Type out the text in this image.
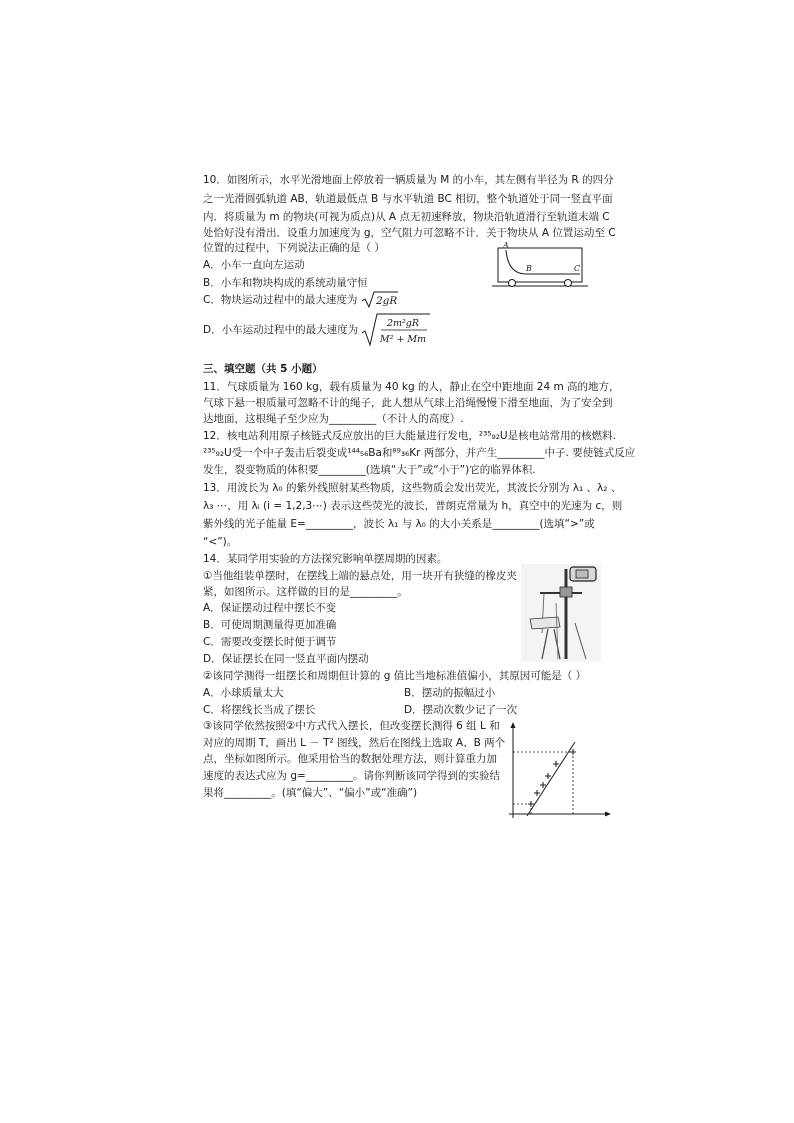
10．如图所示，水平光滑地面上停放着一辆质量为 M 的小车，其左侧有半径为 R 的四分
之一光滑圆弧轨道 AB，轨道最低点 B 与水平轨道 BC 相切，整个轨道处于同一竖直平面
内．将质量为 m 的物块(可视为质点)从 A 点无初速释放，物块沿轨道滑行至轨道末端 C
处恰好没有滑出．设重力加速度为 g，空气阻力可忽略不计．关于物块从 A 位置运动至 C
位置的过程中，下列说法正确的是（ ）
A．小车一直向左运动
B．小车和物块构成的系统动量守恒
C．物块运动过程中的最大速度为 2gR
D．小车运动过程中的最大速度为
2m²gR
M² + Mm
A
B	C
三、填空题（共 5 小题）
11．气球质量为 160 kg，载有质量为 40 kg 的人，静止在空中距地面 24 m 高的地方，
气球下悬一根质量可忽略不计的绳子，此人想从气球上沿绳慢慢下滑至地面，为了安全到
达地面，这根绳子至少应为_________（不计人的高度）.
12．核电站利用原子核链式反应放出的巨大能量进行发电，²³⁵₉₂U是核电站常用的核燃料.
²³⁵₉₂U受一个中子轰击后裂变成¹⁴⁴₅₆Ba和⁸⁹₃₆Kr 两部分，并产生_________中子. 要使链式反应
发生，裂变物质的体积要_________(选填“大于”或“小于”)它的临界体积.
13．用波长为 λ₀ 的紫外线照射某些物质，这些物质会发出荧光，其波长分别为 λ₁ 、λ₂ 、
λ₃ ⋯，用 λᵢ (i = 1,2,3⋯) 表示这些荧光的波长，普朗克常量为 h，真空中的光速为 c，则
紫外线的光子能量 E=_________，波长 λ₁ 与 λ₀ 的大小关系是_________(选填“>”或
“<”)。
14．某同学用实验的方法探究影响单摆周期的因素。
①当他组装单摆时，在摆线上端的悬点处，用一块开有狭缝的橡皮夹
紧，如图所示。这样做的目的是_________。
A．保证摆动过程中摆长不变
B．可使周期测量得更加准确
C．需要改变摆长时便于调节
D．保证摆长在同一竖直平面内摆动
②该同学测得一组摆长和周期但计算的 g 值比当地标准值偏小，其原因可能是（ ）
A．小球质量太大	B．摆动的振幅过小
C．将摆线长当成了摆长	D．摆动次数少记了一次
③该同学依然按照②中方式代入摆长，但改变摆长测得 6 组 L 和
对应的周期 T，画出 L － T² 图线，然后在图线上选取 A、B 两个
点，坐标如图所示。他采用恰当的数据处理方法，则计算重力加
速度的表达式应为 g=_________。请你判断该同学得到的实验结
果将_________。(填“偏大”、“偏小”或“准确”)
